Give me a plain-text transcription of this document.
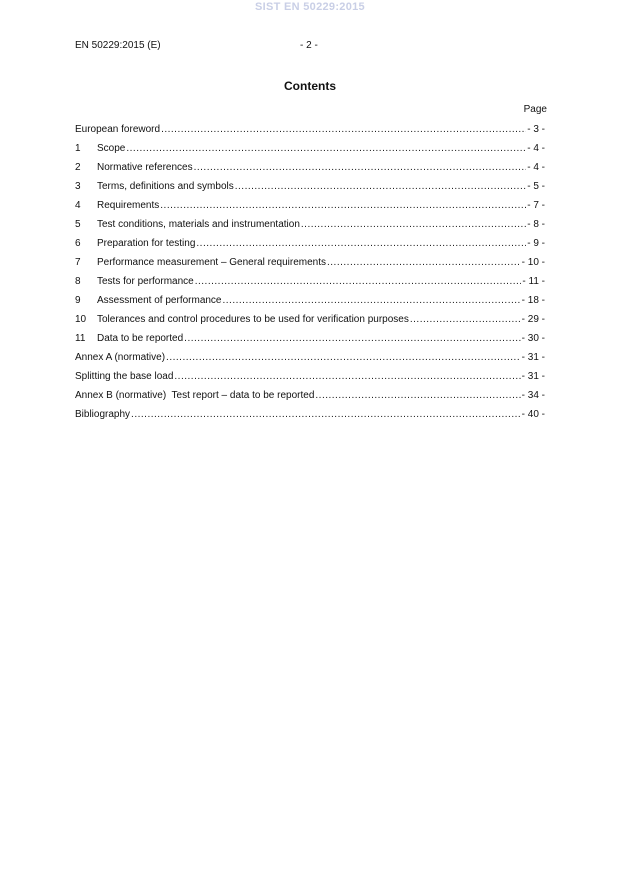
SIST EN 50229:2015
EN 50229:2015 (E)	- 2 -
Contents
Page
European foreword .....	- 3 -
1	Scope .....	- 4 -
2	Normative references .....	- 4 -
3	Terms, definitions and symbols .....	- 5 -
4	Requirements .....	- 7 -
5	Test conditions, materials and instrumentation .....	- 8 -
6	Preparation for testing .....	- 9 -
7	Performance measurement – General requirements .....	- 10 -
8	Tests for performance .....	- 11 -
9	Assessment of performance .....	- 18 -
10	Tolerances and control procedures to be used for verification purposes .....	- 29 -
11	Data to be reported .....	- 30 -
Annex A (normative) .....	- 31 -
Splitting the base load .....	- 31 -
Annex B (normative)  Test report – data to be reported .....	- 34 -
Bibliography .....	- 40 -
